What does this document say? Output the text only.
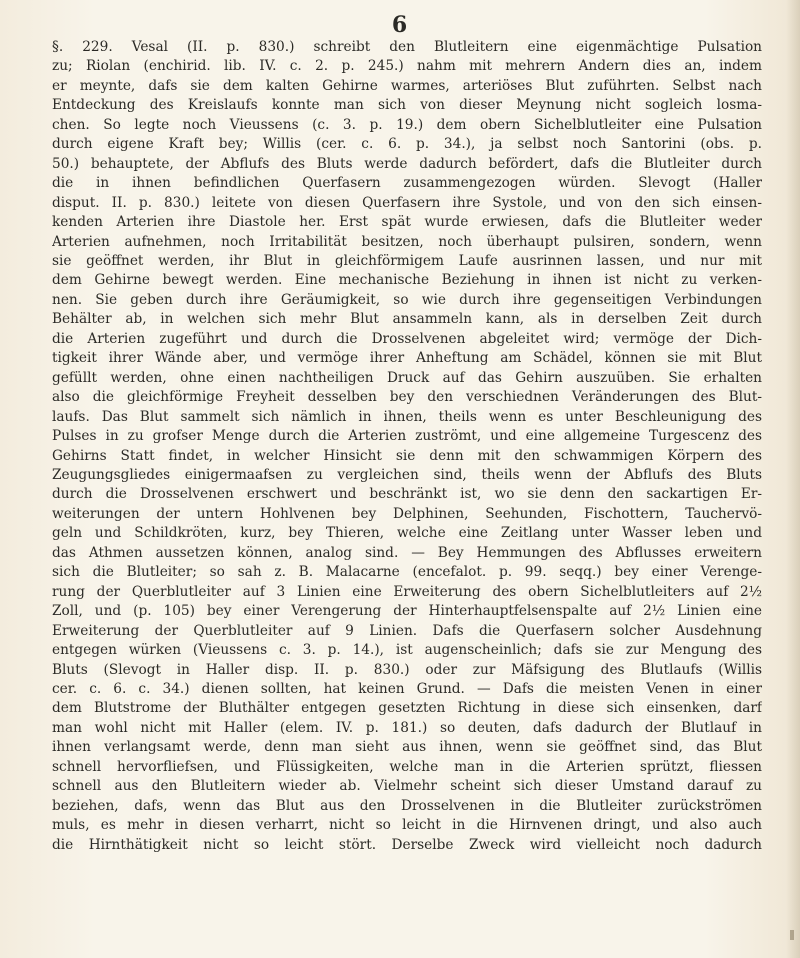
6
§. 229. Vesal (II. p. 830.) schreibt den Blutleitern eine eigenmächtige Pulsation
zu; Riolan (enchirid. lib. IV. c. 2. p. 245.) nahm mit mehrern Andern dies an, indem
er meynte, dafs sie dem kalten Gehirne warmes, arteriöses Blut zuführten. Selbst nach
Entdeckung des Kreislaufs konnte man sich von dieser Meynung nicht sogleich losma-
chen. So legte noch Vieussens (c. 3. p. 19.) dem obern Sichelblutleiter eine Pulsation
durch eigene Kraft bey; Willis (cer. c. 6. p. 34.), ja selbst noch Santorini (obs. p.
50.) behauptete, der Abflufs des Bluts werde dadurch befördert, dafs die Blutleiter durch
die in ihnen befindlichen Querfasern zusammengezogen würden. Slevogt (Haller
disput. II. p. 830.) leitete von diesen Querfasern ihre Systole, und von den sich einsen-
kenden Arterien ihre Diastole her. Erst spät wurde erwiesen, dafs die Blutleiter weder
Arterien aufnehmen, noch Irritabilität besitzen, noch überhaupt pulsiren, sondern, wenn
sie geöffnet werden, ihr Blut in gleichförmigem Laufe ausrinnen lassen, und nur mit
dem Gehirne bewegt werden. Eine mechanische Beziehung in ihnen ist nicht zu verken-
nen. Sie geben durch ihre Geräumigkeit, so wie durch ihre gegenseitigen Verbindungen
Behälter ab, in welchen sich mehr Blut ansammeln kann, als in derselben Zeit durch
die Arterien zugeführt und durch die Drosselvenen abgeleitet wird; vermöge der Dich-
tigkeit ihrer Wände aber, und vermöge ihrer Anheftung am Schädel, können sie mit Blut
gefüllt werden, ohne einen nachtheiligen Druck auf das Gehirn auszuüben. Sie erhalten
also die gleichförmige Freyheit desselben bey den verschiednen Veränderungen des Blut-
laufs. Das Blut sammelt sich nämlich in ihnen, theils wenn es unter Beschleunigung des
Pulses in zu grofser Menge durch die Arterien zuströmt, und eine allgemeine Turgescenz des
Gehirns Statt findet, in welcher Hinsicht sie denn mit den schwammigen Körpern des
Zeugungsgliedes einigermaafsen zu vergleichen sind, theils wenn der Abflufs des Bluts
durch die Drosselvenen erschwert und beschränkt ist, wo sie denn den sackartigen Er-
weiterungen der untern Hohlvenen bey Delphinen, Seehunden, Fischottern, Tauchervö-
geln und Schildkröten, kurz, bey Thieren, welche eine Zeitlang unter Wasser leben und
das Athmen aussetzen können, analog sind. — Bey Hemmungen des Abflusses erweitern
sich die Blutleiter; so sah z. B. Malacarne (encefalot. p. 99. seqq.) bey einer Verenge-
rung der Querblutleiter auf 3 Linien eine Erweiterung des obern Sichelblutleiters auf 2½
Zoll, und (p. 105) bey einer Verengerung der Hinterhauptfelsenspalte auf 2½ Linien eine
Erweiterung der Querblutleiter auf 9 Linien. Dafs die Querfasern solcher Ausdehnung
entgegen würken (Vieussens c. 3. p. 14.), ist augenscheinlich; dafs sie zur Mengung des
Bluts (Slevogt in Haller disp. II. p. 830.) oder zur Mäfsigung des Blutlaufs (Willis
cer. c. 6. c. 34.) dienen sollten, hat keinen Grund. — Dafs die meisten Venen in einer
dem Blutstrome der Bluthälter entgegen gesetzten Richtung in diese sich einsenken, darf
man wohl nicht mit Haller (elem. IV. p. 181.) so deuten, dafs dadurch der Blutlauf in
ihnen verlangsamt werde, denn man sieht aus ihnen, wenn sie geöffnet sind, das Blut
schnell hervorfliefsen, und Flüssigkeiten, welche man in die Arterien sprützt, fliessen
schnell aus den Blutleitern wieder ab. Vielmehr scheint sich dieser Umstand darauf zu
beziehen, dafs, wenn das Blut aus den Drosselvenen in die Blutleiter zurückströmen
muls, es mehr in diesen verharrt, nicht so leicht in die Hirnvenen dringt, und also auch
die Hirnthätigkeit nicht so leicht stört. Derselbe Zweck wird vielleicht noch dadurch
